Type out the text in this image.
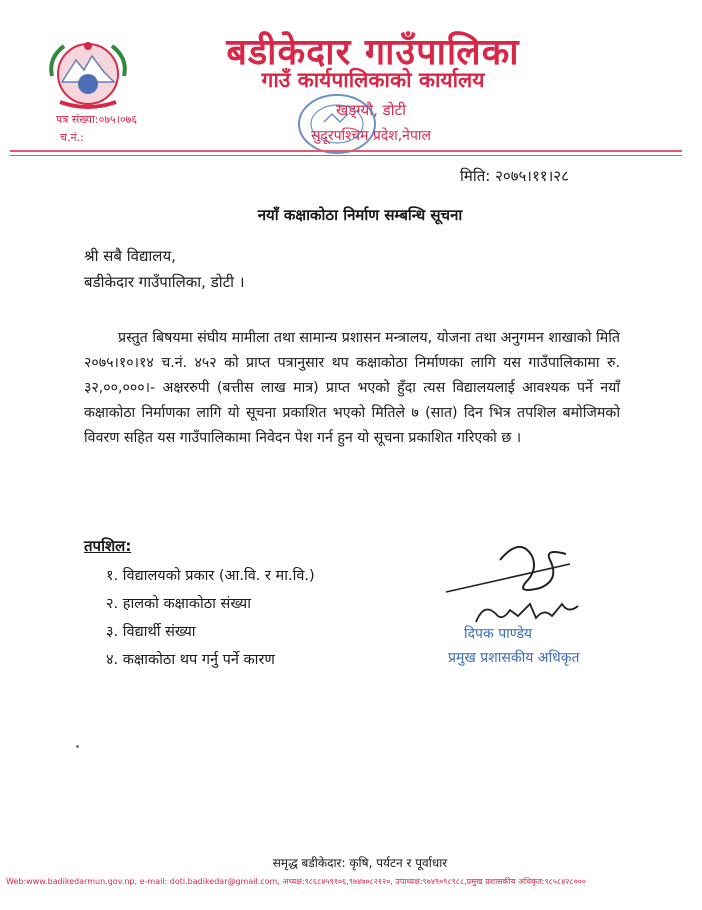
बडीकेदार गाउँपालिका
गाउँ कार्यपालिकाको कार्यालय
खड्ग्यौ, डोटी
सुदूरपश्चिम प्रदेश,नेपाल
पत्र संख्या:०७५।०७६
च.नं.:
मिति: २०७५।११।२८
नयाँ कक्षाकोठा निर्माण सम्बन्धि सूचना
श्री सबै विद्यालय,
बडीकेदार गाउँपालिका, डोटी ।
प्रस्तुत बिषयमा संघीय मामीला तथा सामान्य प्रशासन मन्त्रालय, योजना तथा अनुगमन शाखाको मिति २०७५।१०।१४ च.नं. ४५२ को प्राप्त पत्रानुसार थप कक्षाकोठा निर्माणका लागि यस गाउँपालिकामा रु. ३२,००,०००।- अक्षररुपी (बत्तीस लाख मात्र) प्राप्त भएको हुँदा त्यस विद्यालयलाई आवश्यक पर्ने नयाँ कक्षाकोठा निर्माणका लागि यो सूचना प्रकाशित भएको मितिले ७ (सात) दिन भित्र तपशिल बमोजिमको विवरण सहित यस गाउँपालिकामा निवेदन पेश गर्न हुन यो सूचना प्रकाशित गरिएको छ ।
तपशिल:
१. विद्यालयको प्रकार (आ.वि. र मा.वि.)
२. हालको कक्षाकोठा संख्या
३. विद्यार्थी संख्या
४. कक्षाकोठा थप गर्नु पर्ने कारण
दिपक पाण्डेय
प्रमुख प्रशासकीय अधिकृत
समृद्ध बडीकेदार: कृषि, पर्यटन र पूर्वाधार
Web:www.badikedarmun.gov.np, e-mail: doti.badikedar@gmail.com, अध्यक्ष:९८६८४५९१०६,९७४७०८२१२०, उपाध्यक्ष:९७४९०९८९८८,प्रमुख प्रशासकीय अधिकृत:९८५८४२८०००
